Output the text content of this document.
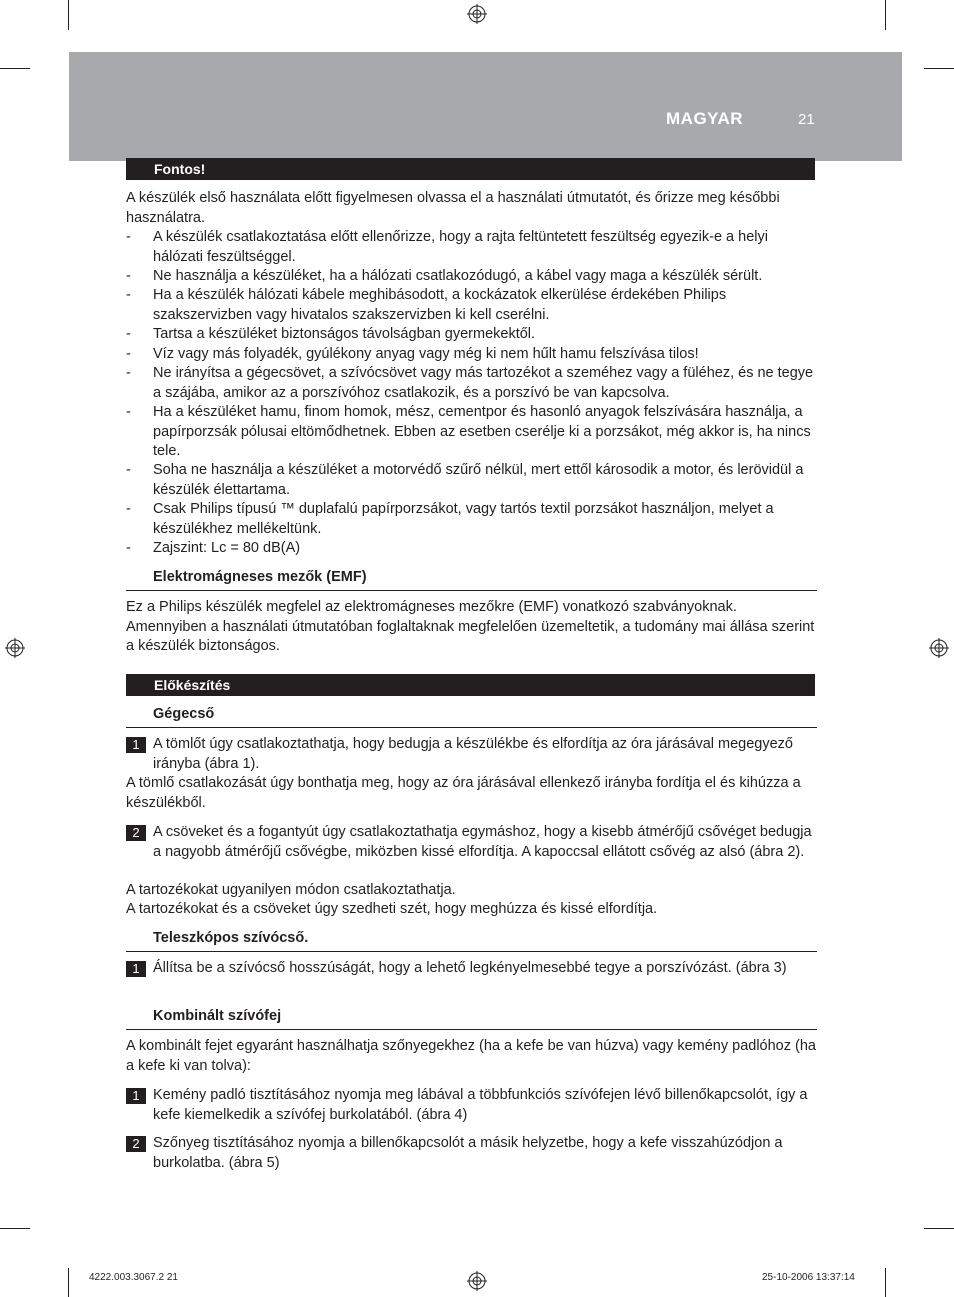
MAGYAR	21
Fontos!

A készülék első használata előtt figyelmesen olvassa el a használati útmutatót, és őrizze meg későbbi használatra.

- A készülék csatlakoztatása előtt ellenőrizze, hogy a rajta feltüntetett feszültség egyezik-e a helyi hálózati feszültséggel.

- Ne használja a készüléket, ha a hálózati csatlakozódugó, a kábel vagy maga a készülék sérült.

- Ha a készülék hálózati kábele meghibásodott, a kockázatok elkerülése érdekében Philips szakszervizben vagy hivatalos szakszervizben ki kell cserélni.

- Tartsa a készüléket biztonságos távolságban gyermekektől.

- Víz vagy más folyadék, gyúlékony anyag vagy még ki nem hűlt hamu felszívása tilos!

- Ne irányítsa a gégecsövet, a szívócsövet vagy más tartozékot a szeméhez vagy a füléhez, és ne tegye a szájába, amikor az a porszívóhoz csatlakozik, és a porszívó be van kapcsolva.

- Ha a készüléket hamu, finom homok, mész, cementpor és hasonló anyagok felszívására használja, a papírporzsák pólusai eltömődhetnek. Ebben az esetben cserélje ki a porzsákot, még akkor is, ha nincs tele.

- Soha ne használja a készüléket a motorvédő szűrő nélkül, mert ettől károsodik a motor, és lerövidül a készülék élettartama.

- Csak Philips típusú ™ duplafalú papírporzsákot, vagy tartós textil porzsákot használjon, melyet a készülékhez mellékeltünk.

- Zajszint: Lc = 80 dB(A)

Elektromágneses mezők (EMF)

Ez a Philips készülék megfelel az elektromágneses mezőkre (EMF) vonatkozó szabványoknak. Amennyiben a használati útmutatóban foglaltaknak megfelelően üzemeltetik, a tudomány mai állása szerint a készülék biztonságos.

Előkészítés
Gégecső
1 A tömlőt úgy csatlakoztathatja, hogy bedugja a készülékbe és elfordítja az óra járásával megegyező irányba (ábra 1).

A tömlő csatlakozását úgy bonthatja meg, hogy az óra járásával ellenkező irányba fordítja el és kihúzza a készülékből.

2 A csöveket és a fogantyút úgy csatlakoztathatja egymáshoz, hogy a kisebb átmérőjű csővéget bedugja a nagyobb átmérőjű csővégbe, miközben kissé elfordítja. A kapoccsal ellátott csővég az alsó (ábra 2).

A tartozékokat ugyanilyen módon csatlakoztathatja.

A tartozékokat és a csöveket úgy szedheti szét, hogy meghúzza és kissé elfordítja.

Teleszkópos szívócső.
1 Állítsa be a szívócső hosszúságát, hogy a lehető legkényelmesebbé tegye a porszívózást. (ábra 3)

Kombinált szívófej

A kombinált fejet egyaránt használhatja szőnyegekhez (ha a kefe be van húzva) vagy kemény padlóhoz (ha a kefe ki van tolva):

1 Kemény padló tisztításához nyomja meg lábával a többfunkciós szívófejen lévő billenőkapcsolót, így a kefe kiemelkedik a szívófej burkolatából. (ábra 4)

2 Szőnyeg tisztításához nyomja a billenőkapcsolót a másik helyzetbe, hogy a kefe visszahúzódjon a burkolatba. (ábra 5)

4222.003.3067.2 21	25-10-2006 13:37:14
